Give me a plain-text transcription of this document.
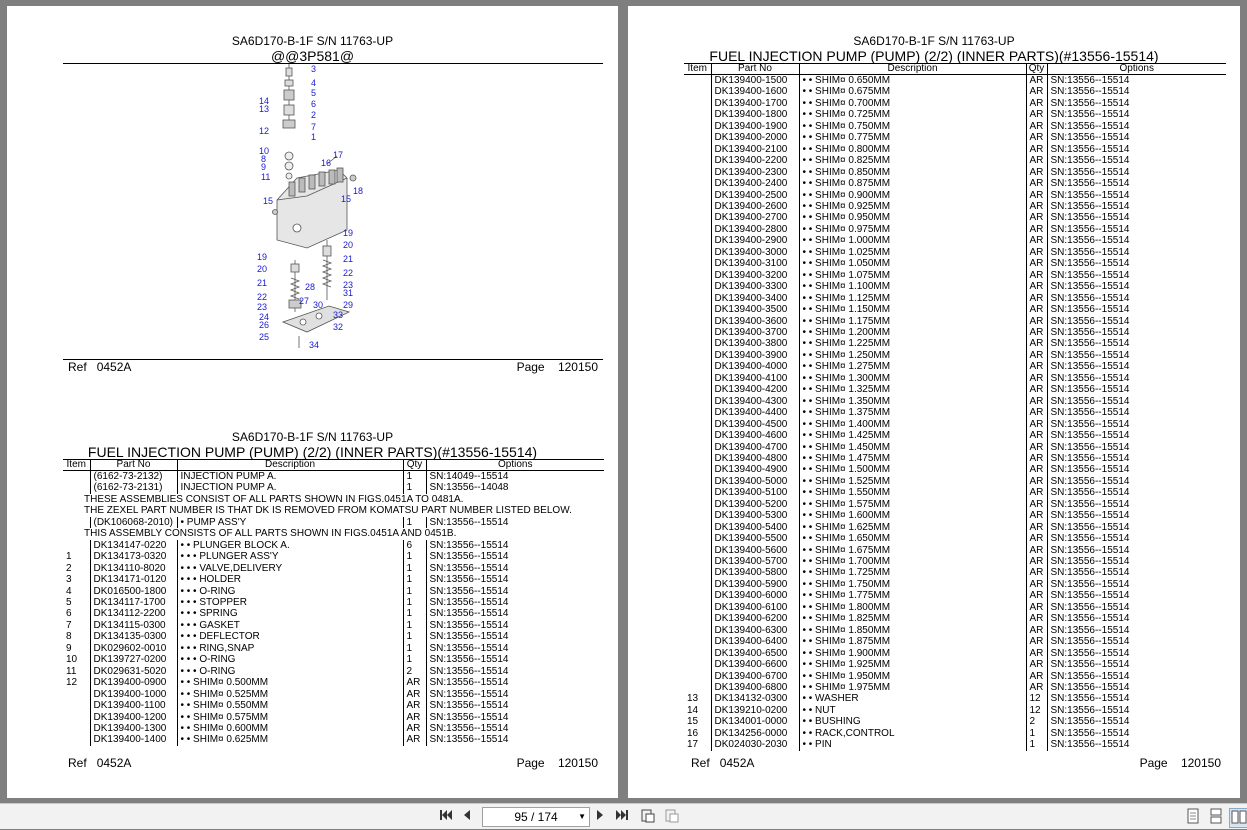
SA6D170-B-1F S/N 11763-UP
@@3P581@
3
4
5
6
2
7
1
14
13
12
10
8
9
11
16
17
15
18
15
19
20
21
22
23
31
29
19
20
21
22
23
28
27 30
24
26
25
33
32
34
Ref 0452A	Page 120150
SA6D170-B-1F S/N 11763-UP
FUEL INJECTION PUMP (PUMP) (2/2) (INNER PARTS)(#13556-15514)
Item	Part No	Description	Qty	Options
	(6162-73-2132)	INJECTION PUMP A.	1	SN:14049--15514
	(6162-73-2131)	INJECTION PUMP A.	1	SN:13556--14048
	THESE ASSEMBLIES CONSIST OF ALL PARTS SHOWN IN FIGS.0451A TO 0481A.
	THE ZEXEL PART NUMBER IS THAT DK IS REMOVED FROM KOMATSU PART NUMBER LISTED BELOW.
	(DK106068-2010)	• PUMP ASS'Y	1	SN:13556--15514
	THIS ASSEMBLY CONSISTS OF ALL PARTS SHOWN IN FIGS.0451A AND 0451B.
	DK134147-0220	• • PLUNGER BLOCK A.	6	SN:13556--15514
1	DK134173-0320	• • • PLUNGER ASS'Y	1	SN:13556--15514
2	DK134110-8020	• • • VALVE,DELIVERY	1	SN:13556--15514
3	DK134171-0120	• • • HOLDER	1	SN:13556--15514
4	DK016500-1800	• • • O-RING	1	SN:13556--15514
5	DK134117-1700	• • • STOPPER	1	SN:13556--15514
6	DK134112-2200	• • • SPRING	1	SN:13556--15514
7	DK134115-0300	• • • GASKET	1	SN:13556--15514
8	DK134135-0300	• • • DEFLECTOR	1	SN:13556--15514
9	DK029602-0010	• • • RING,SNAP	1	SN:13556--15514
10	DK139727-0200	• • • O-RING	1	SN:13556--15514
11	DK029631-5020	• • • O-RING	2	SN:13556--15514
12	DK139400-0900	• • SHIM¤ 0.500MM	AR	SN:13556--15514
	DK139400-1000	• • SHIM¤ 0.525MM	AR	SN:13556--15514
	DK139400-1100	• • SHIM¤ 0.550MM	AR	SN:13556--15514
	DK139400-1200	• • SHIM¤ 0.575MM	AR	SN:13556--15514
	DK139400-1300	• • SHIM¤ 0.600MM	AR	SN:13556--15514
	DK139400-1400	• • SHIM¤ 0.625MM	AR	SN:13556--15514
Ref 0452A	Page 120150
SA6D170-B-1F S/N 11763-UP
FUEL INJECTION PUMP (PUMP) (2/2) (INNER PARTS)(#13556-15514)
Item	Part No	Description	Qty	Options
	DK139400-1500	• • SHIM¤ 0.650MM	AR	SN:13556--15514
	DK139400-1600	• • SHIM¤ 0.675MM	AR	SN:13556--15514
	DK139400-1700	• • SHIM¤ 0.700MM	AR	SN:13556--15514
	DK139400-1800	• • SHIM¤ 0.725MM	AR	SN:13556--15514
	DK139400-1900	• • SHIM¤ 0.750MM	AR	SN:13556--15514
	DK139400-2000	• • SHIM¤ 0.775MM	AR	SN:13556--15514
	DK139400-2100	• • SHIM¤ 0.800MM	AR	SN:13556--15514
	DK139400-2200	• • SHIM¤ 0.825MM	AR	SN:13556--15514
	DK139400-2300	• • SHIM¤ 0.850MM	AR	SN:13556--15514
	DK139400-2400	• • SHIM¤ 0.875MM	AR	SN:13556--15514
	DK139400-2500	• • SHIM¤ 0.900MM	AR	SN:13556--15514
	DK139400-2600	• • SHIM¤ 0.925MM	AR	SN:13556--15514
	DK139400-2700	• • SHIM¤ 0.950MM	AR	SN:13556--15514
	DK139400-2800	• • SHIM¤ 0.975MM	AR	SN:13556--15514
	DK139400-2900	• • SHIM¤ 1.000MM	AR	SN:13556--15514
	DK139400-3000	• • SHIM¤ 1.025MM	AR	SN:13556--15514
	DK139400-3100	• • SHIM¤ 1.050MM	AR	SN:13556--15514
	DK139400-3200	• • SHIM¤ 1.075MM	AR	SN:13556--15514
	DK139400-3300	• • SHIM¤ 1.100MM	AR	SN:13556--15514
	DK139400-3400	• • SHIM¤ 1.125MM	AR	SN:13556--15514
	DK139400-3500	• • SHIM¤ 1.150MM	AR	SN:13556--15514
	DK139400-3600	• • SHIM¤ 1.175MM	AR	SN:13556--15514
	DK139400-3700	• • SHIM¤ 1.200MM	AR	SN:13556--15514
	DK139400-3800	• • SHIM¤ 1.225MM	AR	SN:13556--15514
	DK139400-3900	• • SHIM¤ 1.250MM	AR	SN:13556--15514
	DK139400-4000	• • SHIM¤ 1.275MM	AR	SN:13556--15514
	DK139400-4100	• • SHIM¤ 1.300MM	AR	SN:13556--15514
	DK139400-4200	• • SHIM¤ 1.325MM	AR	SN:13556--15514
	DK139400-4300	• • SHIM¤ 1.350MM	AR	SN:13556--15514
	DK139400-4400	• • SHIM¤ 1.375MM	AR	SN:13556--15514
	DK139400-4500	• • SHIM¤ 1.400MM	AR	SN:13556--15514
	DK139400-4600	• • SHIM¤ 1.425MM	AR	SN:13556--15514
	DK139400-4700	• • SHIM¤ 1.450MM	AR	SN:13556--15514
	DK139400-4800	• • SHIM¤ 1.475MM	AR	SN:13556--15514
	DK139400-4900	• • SHIM¤ 1.500MM	AR	SN:13556--15514
	DK139400-5000	• • SHIM¤ 1.525MM	AR	SN:13556--15514
	DK139400-5100	• • SHIM¤ 1.550MM	AR	SN:13556--15514
	DK139400-5200	• • SHIM¤ 1.575MM	AR	SN:13556--15514
	DK139400-5300	• • SHIM¤ 1.600MM	AR	SN:13556--15514
	DK139400-5400	• • SHIM¤ 1.625MM	AR	SN:13556--15514
	DK139400-5500	• • SHIM¤ 1.650MM	AR	SN:13556--15514
	DK139400-5600	• • SHIM¤ 1.675MM	AR	SN:13556--15514
	DK139400-5700	• • SHIM¤ 1.700MM	AR	SN:13556--15514
	DK139400-5800	• • SHIM¤ 1.725MM	AR	SN:13556--15514
	DK139400-5900	• • SHIM¤ 1.750MM	AR	SN:13556--15514
	DK139400-6000	• • SHIM¤ 1.775MM	AR	SN:13556--15514
	DK139400-6100	• • SHIM¤ 1.800MM	AR	SN:13556--15514
	DK139400-6200	• • SHIM¤ 1.825MM	AR	SN:13556--15514
	DK139400-6300	• • SHIM¤ 1.850MM	AR	SN:13556--15514
	DK139400-6400	• • SHIM¤ 1.875MM	AR	SN:13556--15514
	DK139400-6500	• • SHIM¤ 1.900MM	AR	SN:13556--15514
	DK139400-6600	• • SHIM¤ 1.925MM	AR	SN:13556--15514
	DK139400-6700	• • SHIM¤ 1.950MM	AR	SN:13556--15514
	DK139400-6800	• • SHIM¤ 1.975MM	AR	SN:13556--15514
13	DK134132-0300	• • WASHER	12	SN:13556--15514
14	DK139210-0200	• • NUT	12	SN:13556--15514
15	DK134001-0000	• • BUSHING	2	SN:13556--15514
16	DK134256-0000	• • RACK,CONTROL	1	SN:13556--15514
17	DK024030-2030	• • PIN	1	SN:13556--15514
Ref 0452A	Page 120150
95 / 174	▼
